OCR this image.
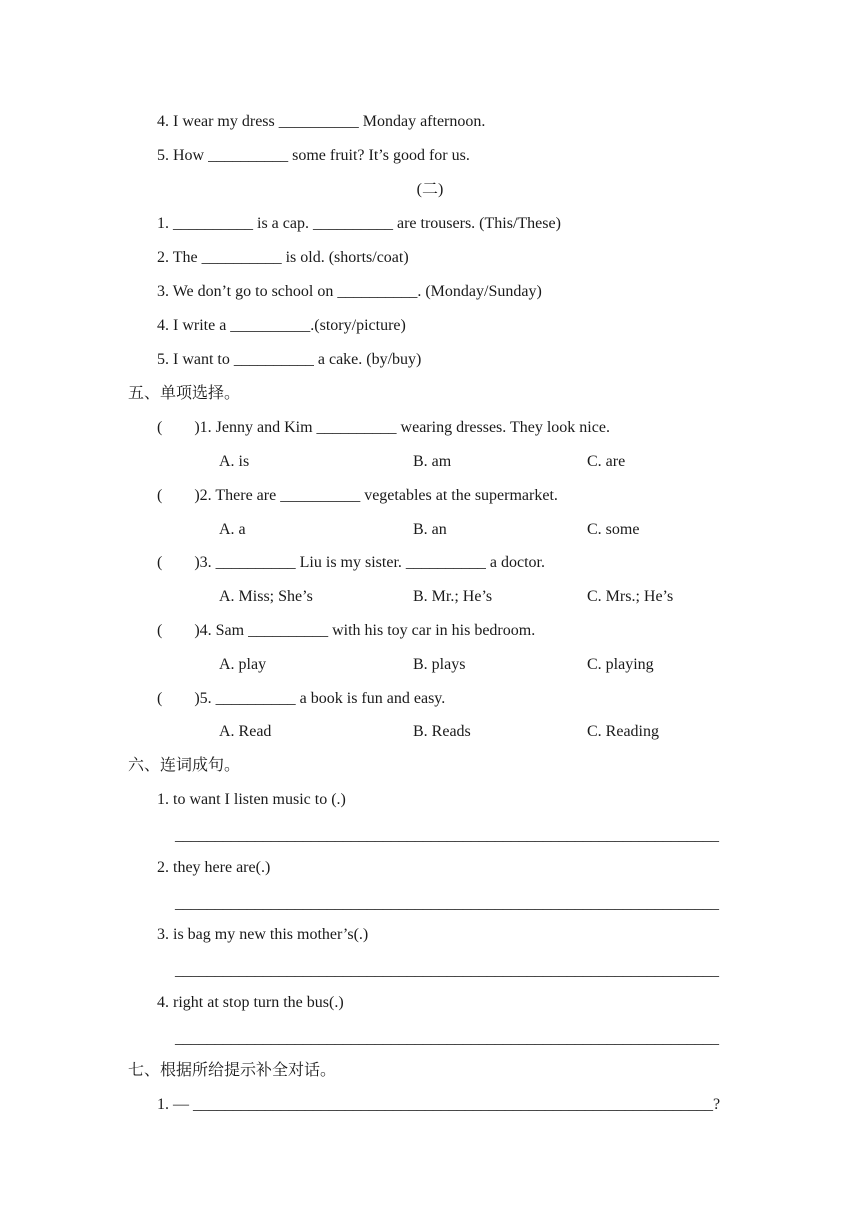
4. I wear my dress __________ Monday afternoon.
5. How __________ some fruit? It’s good for us.
(二)
1. __________ is a cap. __________ are trousers. (This/These)
2. The __________ is old. (shorts/coat)
3. We don’t go to school on __________. (Monday/Sunday)
4. I write a __________.(story/picture)
5. I want to __________ a cake. (by/buy)
五、单项选择。
(        )1. Jenny and Kim __________ wearing dresses. They look nice.
A. is	B. am	C. are
(        )2. There are __________ vegetables at the supermarket.
A. a	B. an	C. some
(        )3. __________ Liu is my sister. __________ a doctor.
A. Miss; She’s	B. Mr.; He’s	C. Mrs.; He’s
(        )4. Sam __________ with his toy car in his bedroom.
A. play	B. plays	C. playing
(        )5. __________ a book is fun and easy.
A. Read	B. Reads	C. Reading
六、连词成句。
1. to want I listen music to (.)
____________________________________________________________________
2. they here are(.)
____________________________________________________________________
3. is bag my new this mother’s(.)
____________________________________________________________________
4. right at stop turn the bus(.)
____________________________________________________________________
七、根据所给提示补全对话。
1. — _________________________________________________________________?
